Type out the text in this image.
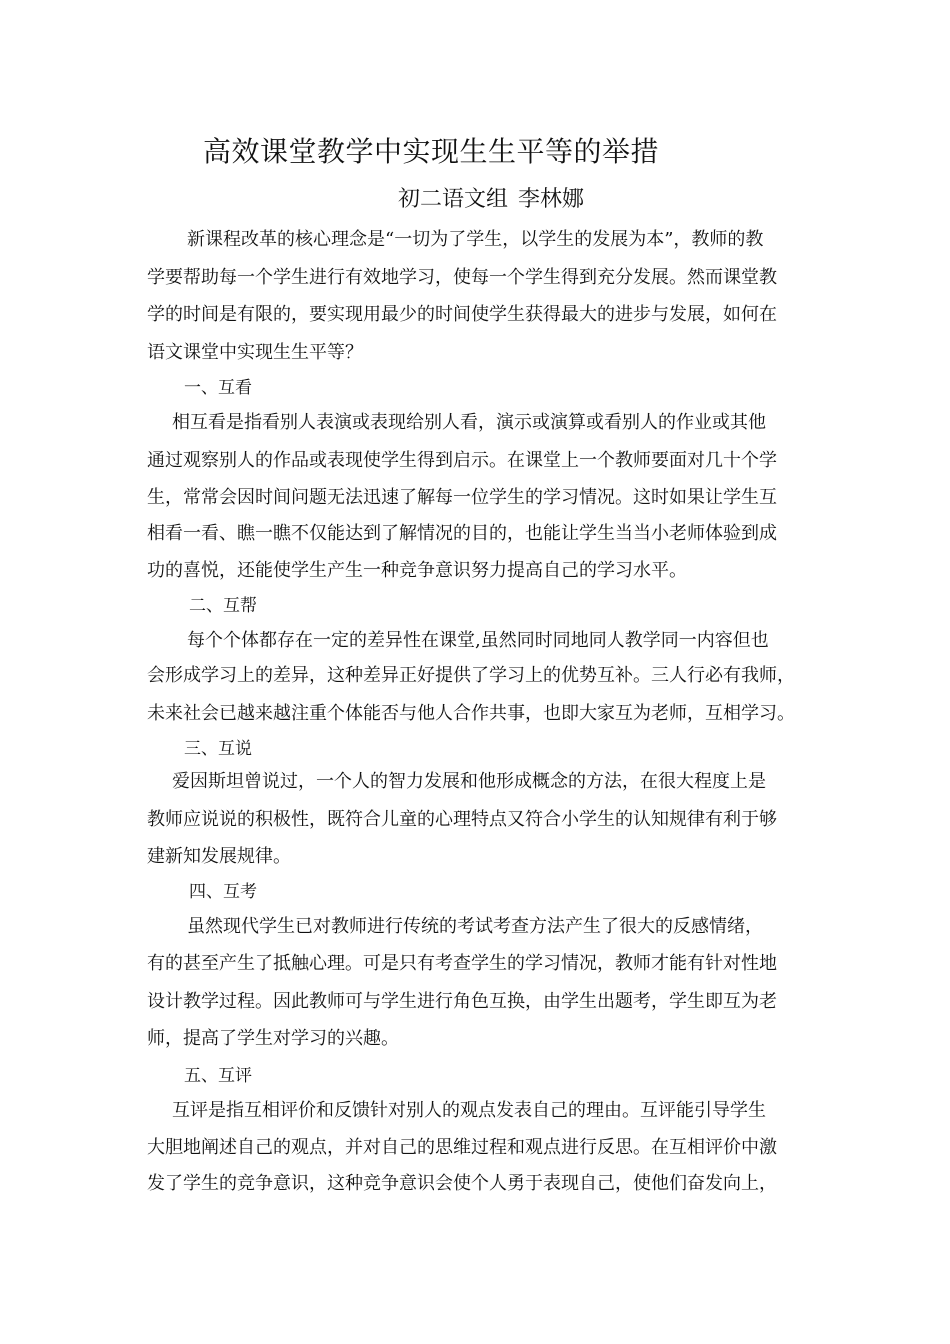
高效课堂教学中实现生生平等的举措
初二语文组 李林娜
新课程改革的核心理念是“一切为了学生，以学生的发展为本”，教师的教
学要帮助每一个学生进行有效地学习，使每一个学生得到充分发展。然而课堂教
学的时间是有限的，要实现用最少的时间使学生获得最大的进步与发展，如何在
语文课堂中实现生生平等？
一、互看
相互看是指看别人表演或表现给别人看，演示或演算或看别人的作业或其他
通过观察别人的作品或表现使学生得到启示。在课堂上一个教师要面对几十个学
生，常常会因时间问题无法迅速了解每一位学生的学习情况。这时如果让学生互
相看一看、瞧一瞧不仅能达到了解情况的目的，也能让学生当当小老师体验到成
功的喜悦，还能使学生产生一种竞争意识努力提高自己的学习水平。
二、互帮
每个个体都存在一定的差异性在课堂,虽然同时同地同人教学同一内容但也
会形成学习上的差异，这种差异正好提供了学习上的优势互补。三人行必有我师，
未来社会已越来越注重个体能否与他人合作共事，也即大家互为老师，互相学习。
三、互说
爱因斯坦曾说过，一个人的智力发展和他形成概念的方法，在很大程度上是
教师应说说的积极性，既符合儿童的心理特点又符合小学生的认知规律有利于够
建新知发展规律。
四、互考
虽然现代学生已对教师进行传统的考试考查方法产生了很大的反感情绪，
有的甚至产生了抵触心理。可是只有考查学生的学习情况，教师才能有针对性地
设计教学过程。因此教师可与学生进行角色互换，由学生出题考，学生即互为老
师，提高了学生对学习的兴趣。
五、互评
互评是指互相评价和反馈针对别人的观点发表自己的理由。互评能引导学生
大胆地阐述自己的观点，并对自己的思维过程和观点进行反思。在互相评价中激
发了学生的竞争意识，这种竞争意识会使个人勇于表现自己，使他们奋发向上，
